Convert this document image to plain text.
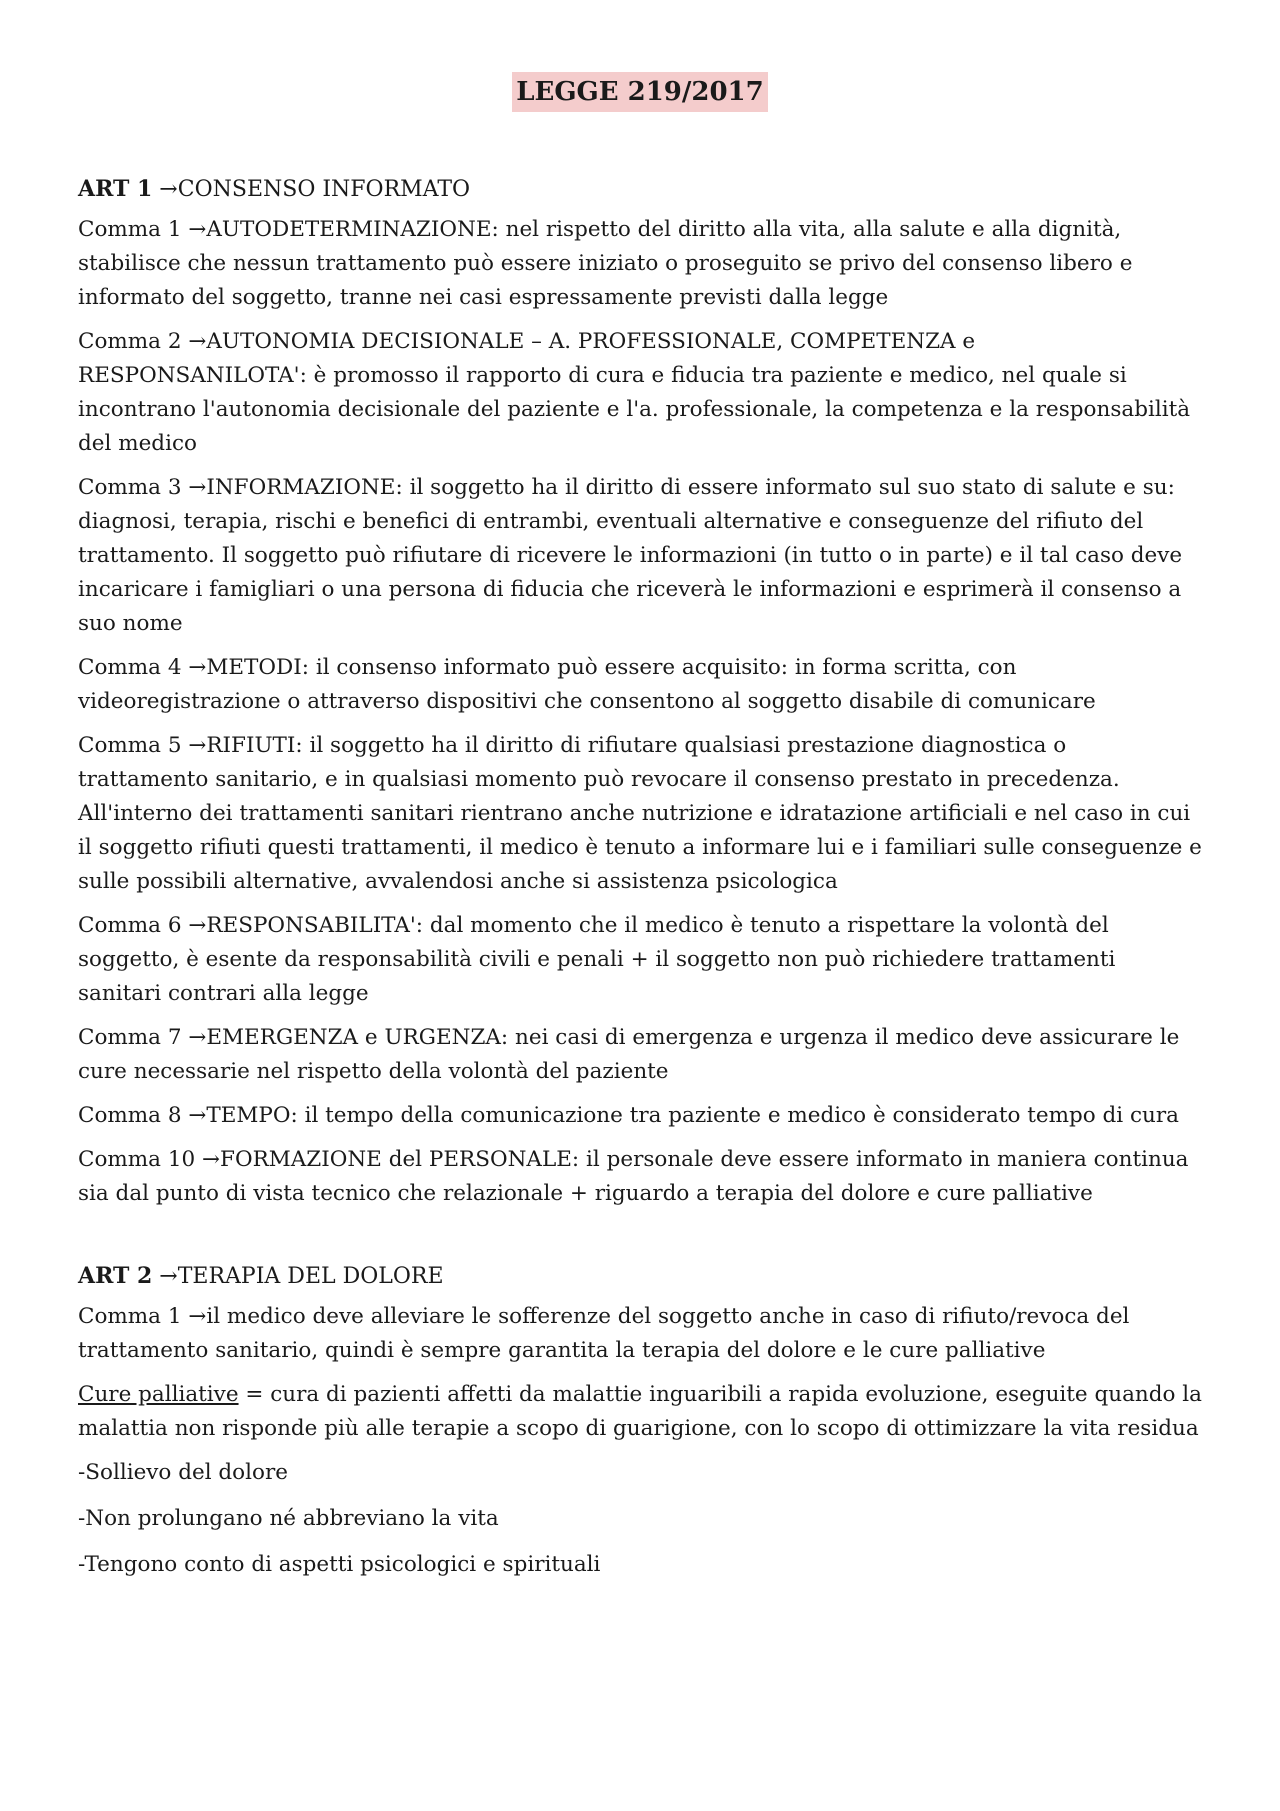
LEGGE 219/2017
ART 1 →CONSENSO INFORMATO

Comma 1 →AUTODETERMINAZIONE: nel rispetto del diritto alla vita, alla salute e alla dignità, stabilisce che nessun trattamento può essere iniziato o proseguito se privo del consenso libero e informato del soggetto, tranne nei casi espressamente previsti dalla legge

Comma 2 →AUTONOMIA DECISIONALE – A. PROFESSIONALE, COMPETENZA e RESPONSANILOTA': è promosso il rapporto di cura e fiducia tra paziente e medico, nel quale si incontrano l'autonomia decisionale del paziente e l'a. professionale, la competenza e la responsabilità del medico

Comma 3 →INFORMAZIONE: il soggetto ha il diritto di essere informato sul suo stato di salute e su: diagnosi, terapia, rischi e benefici di entrambi, eventuali alternative e conseguenze del rifiuto del trattamento. Il soggetto può rifiutare di ricevere le informazioni (in tutto o in parte) e il tal caso deve incaricare i famigliari o una persona di fiducia che riceverà le informazioni e esprimerà il consenso a suo nome

Comma 4 →METODI: il consenso informato può essere acquisito: in forma scritta, con videoregistrazione o attraverso dispositivi che consentono al soggetto disabile di comunicare

Comma 5 →RIFIUTI: il soggetto ha il diritto di rifiutare qualsiasi prestazione diagnostica o trattamento sanitario, e in qualsiasi momento può revocare il consenso prestato in precedenza. All'interno dei trattamenti sanitari rientrano anche nutrizione e idratazione artificiali e nel caso in cui il soggetto rifiuti questi trattamenti, il medico è tenuto a informare lui e i familiari sulle conseguenze e sulle possibili alternative, avvalendosi anche si assistenza psicologica

Comma 6 →RESPONSABILITA': dal momento che il medico è tenuto a rispettare la volontà del soggetto, è esente da responsabilità civili e penali + il soggetto non può richiedere trattamenti sanitari contrari alla legge

Comma 7 →EMERGENZA e URGENZA: nei casi di emergenza e urgenza il medico deve assicurare le cure necessarie nel rispetto della volontà del paziente

Comma 8 →TEMPO: il tempo della comunicazione tra paziente e medico è considerato tempo di cura

Comma 10 →FORMAZIONE del PERSONALE: il personale deve essere informato in maniera continua sia dal punto di vista tecnico che relazionale + riguardo a terapia del dolore e cure palliative

ART 2 →TERAPIA DEL DOLORE

Comma 1 →il medico deve alleviare le sofferenze del soggetto anche in caso di rifiuto/revoca del trattamento sanitario, quindi è sempre garantita la terapia del dolore e le cure palliative

Cure palliative = cura di pazienti affetti da malattie inguaribili a rapida evoluzione, eseguite quando la malattia non risponde più alle terapie a scopo di guarigione, con lo scopo di ottimizzare la vita residua

-Sollievo del dolore

-Non prolungano né abbreviano la vita

-Tengono conto di aspetti psicologici e spirituali
